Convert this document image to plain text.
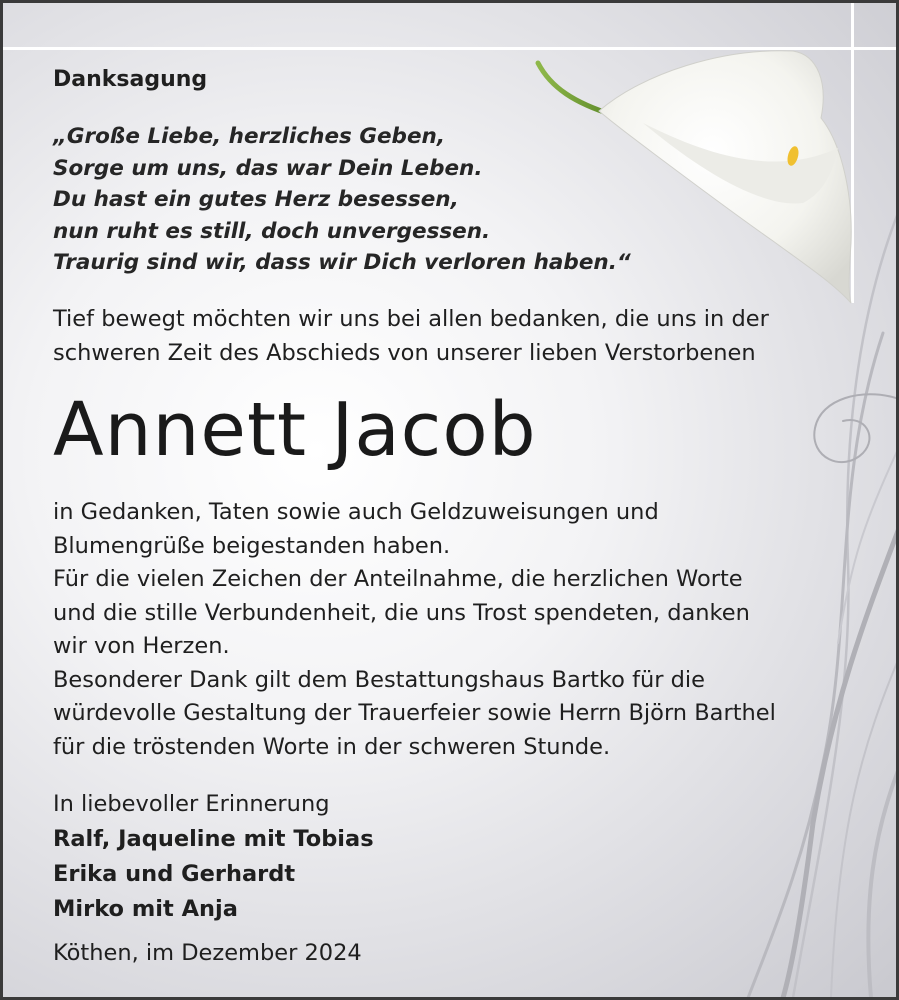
Danksagung
„Große Liebe, herzliches Geben,
Sorge um uns, das war Dein Leben.
Du hast ein gutes Herz besessen,
nun ruht es still, doch unvergessen.
Traurig sind wir, dass wir Dich verloren haben.“
Tief bewegt möchten wir uns bei allen bedanken, die uns in der
schweren Zeit des Abschieds von unserer lieben Verstorbenen
Annett Jacob
in Gedanken, Taten sowie auch Geldzuweisungen und
Blumengrüße beigestanden haben.
Für die vielen Zeichen der Anteilnahme, die herzlichen Worte
und die stille Verbundenheit, die uns Trost spendeten, danken
wir von Herzen.
Besonderer Dank gilt dem Bestattungshaus Bartko für die
würdevolle Gestaltung der Trauerfeier sowie Herrn Björn Barthel
für die tröstenden Worte in der schweren Stunde.
In liebevoller Erinnerung
Ralf, Jaqueline mit Tobias
Erika und Gerhardt
Mirko mit Anja
Köthen, im Dezember 2024
